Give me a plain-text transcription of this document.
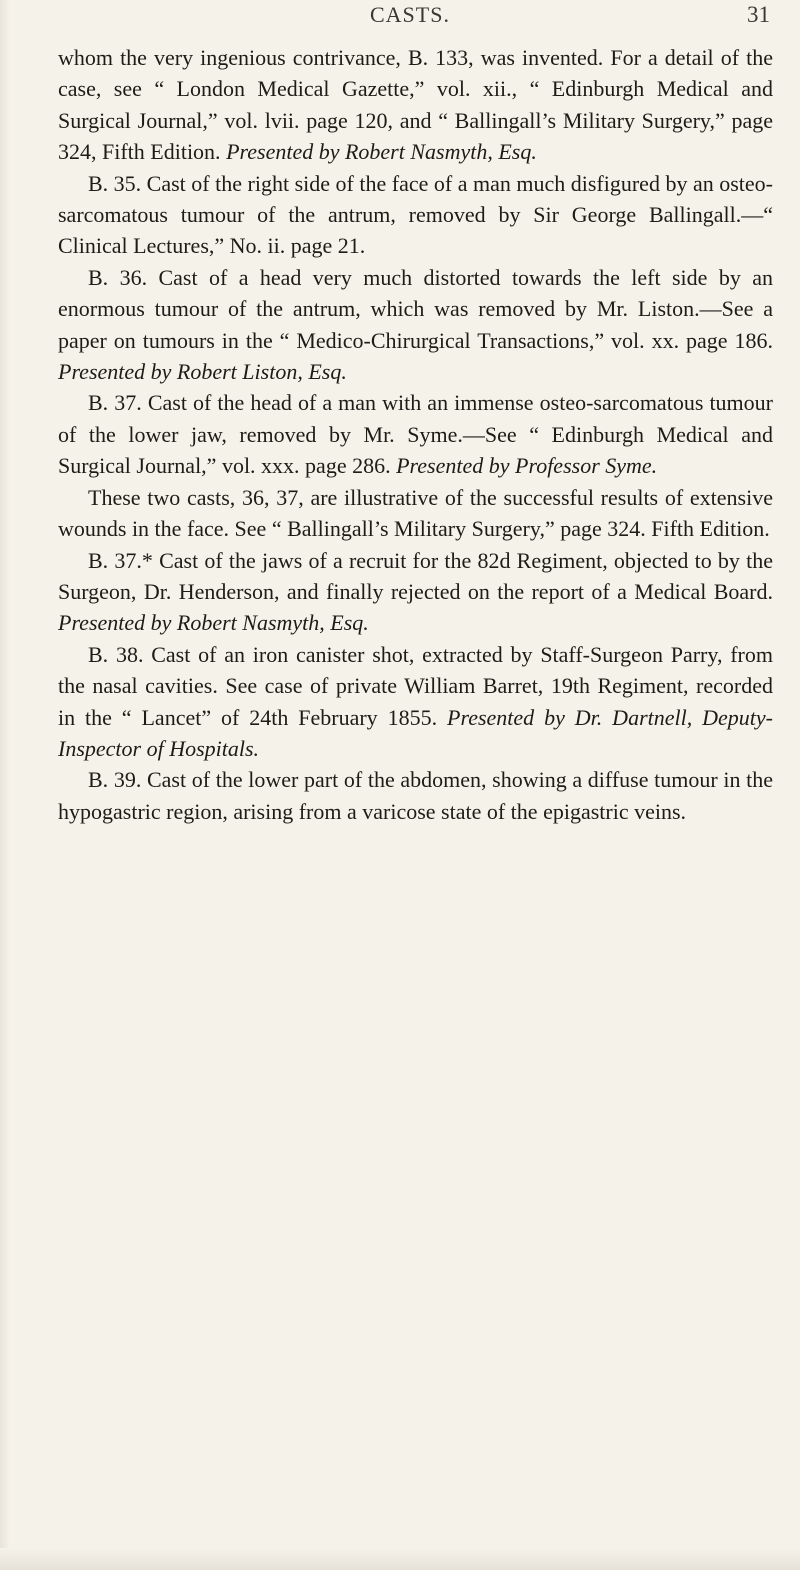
CASTS.	31

whom the very ingenious contrivance, B. 133, was invented. For a detail of the case, see “ London Medical Gazette,” vol. xii., “ Edinburgh Medical and Surgical Journal,” vol. lvii. page 120, and “ Ballingall’s Military Surgery,” page 324, Fifth Edition. Presented by Robert Nasmyth, Esq.

B. 35. Cast of the right side of the face of a man much disfigured by an osteo-sarcomatous tumour of the antrum, removed by Sir George Ballingall.—“ Clinical Lectures,” No. ii. page 21.

B. 36. Cast of a head very much distorted towards the left side by an enormous tumour of the antrum, which was removed by Mr. Liston.—See a paper on tumours in the “ Medico-Chirurgical Transactions,” vol. xx. page 186. Presented by Robert Liston, Esq.

B. 37. Cast of the head of a man with an immense osteo-sarcomatous tumour of the lower jaw, removed by Mr. Syme.—See “ Edinburgh Medical and Surgical Journal,” vol. xxx. page 286. Presented by Professor Syme.

These two casts, 36, 37, are illustrative of the successful results of extensive wounds in the face. See “ Ballingall’s Military Surgery,” page 324. Fifth Edition.

B. 37.* Cast of the jaws of a recruit for the 82d Regiment, objected to by the Surgeon, Dr. Henderson, and finally rejected on the report of a Medical Board. Presented by Robert Nasmyth, Esq.

B. 38. Cast of an iron canister shot, extracted by Staff-Surgeon Parry, from the nasal cavities. See case of private William Barret, 19th Regiment, recorded in the “ Lancet” of 24th February 1855. Presented by Dr. Dartnell, Deputy-Inspector of Hospitals.

B. 39. Cast of the lower part of the abdomen, showing a diffuse tumour in the hypogastric region, arising from a varicose state of the epigastric veins.
